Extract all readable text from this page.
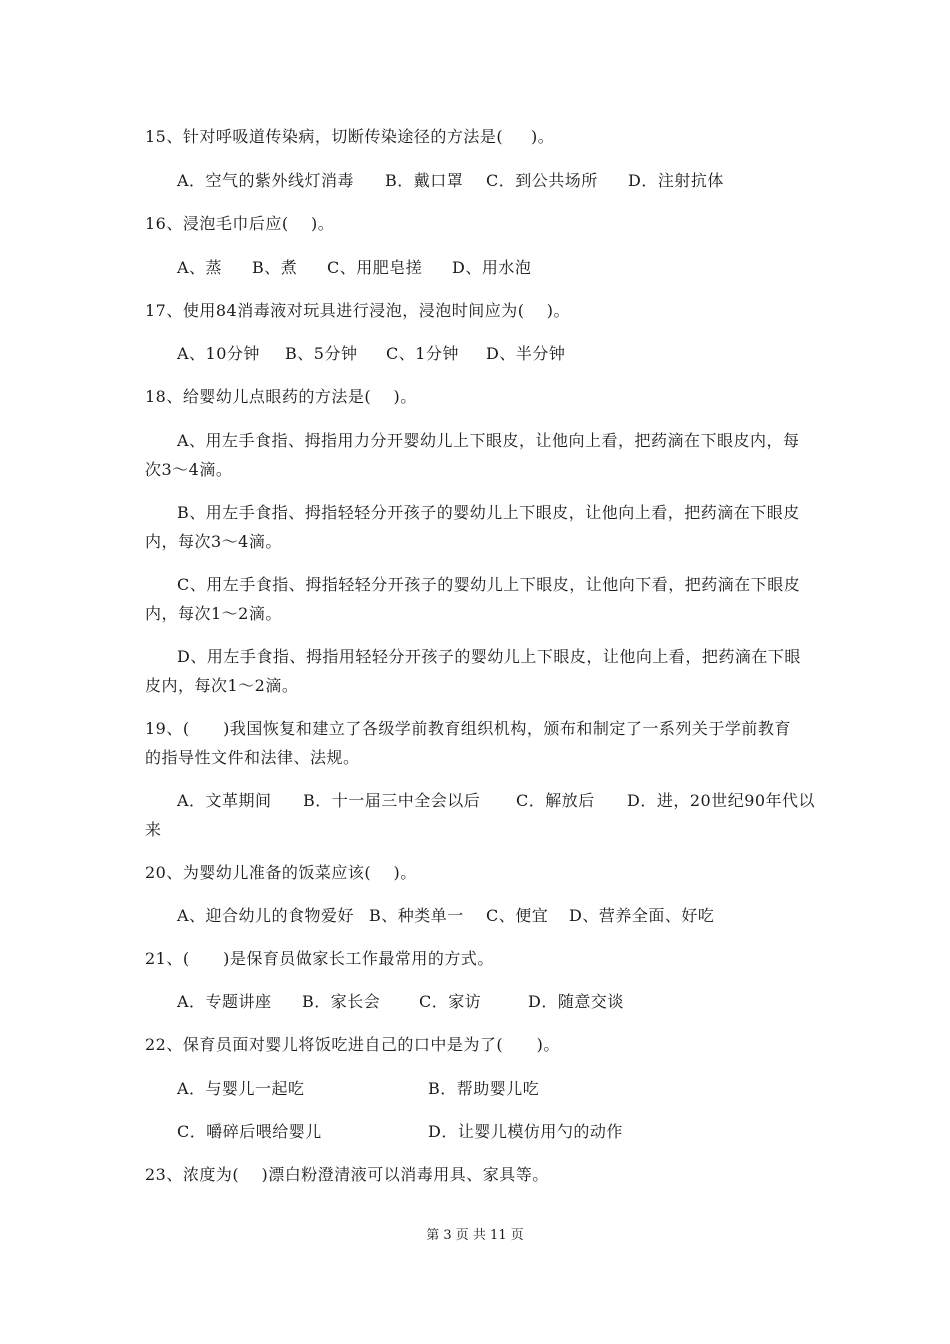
15、针对呼吸道传染病，切断传染途径的方法是(     )。
A．空气的紫外线灯消毒 B．戴口罩 C．到公共场所 D．注射抗体
16、浸泡毛巾后应(    )。
A、蒸 B、煮 C、用肥皂搓 D、用水泡
17、使用84消毒液对玩具进行浸泡，浸泡时间应为(    )。
A、10分钟 B、5分钟 C、1分钟 D、半分钟
18、给婴幼儿点眼药的方法是(    )。
A、用左手食指、拇指用力分开婴幼儿上下眼皮，让他向上看，把药滴在下眼皮内，每
次3～4滴。
B、用左手食指、拇指轻轻分开孩子的婴幼儿上下眼皮，让他向上看，把药滴在下眼皮
内，每次3～4滴。
C、用左手食指、拇指轻轻分开孩子的婴幼儿上下眼皮，让他向下看，把药滴在下眼皮
内，每次1～2滴。
D、用左手食指、拇指用轻轻分开孩子的婴幼儿上下眼皮，让他向上看，把药滴在下眼
皮内，每次1～2滴。
19、(      )我国恢复和建立了各级学前教育组织机构，颁布和制定了一系列关于学前教育
的指导性文件和法律、法规。
A．文革期间 B．十一届三中全会以后 C．解放后 D．进，20世纪90年代以
来
20、为婴幼儿准备的饭菜应该(    )。
A、迎合幼儿的食物爱好 B、种类单一 C、便宜 D、营养全面、好吃
21、(      )是保育员做家长工作最常用的方式。
A．专题讲座 B．家长会 C．家访	D．随意交谈
22、保育员面对婴儿将饭吃进自己的口中是为了(      )。
A．与婴儿一起吃	B．帮助婴儿吃
C．嚼碎后喂给婴儿	D．让婴儿模仿用勺的动作
23、浓度为(    )漂白粉澄清液可以消毒用具、家具等。
第 3 页 共 11 页
